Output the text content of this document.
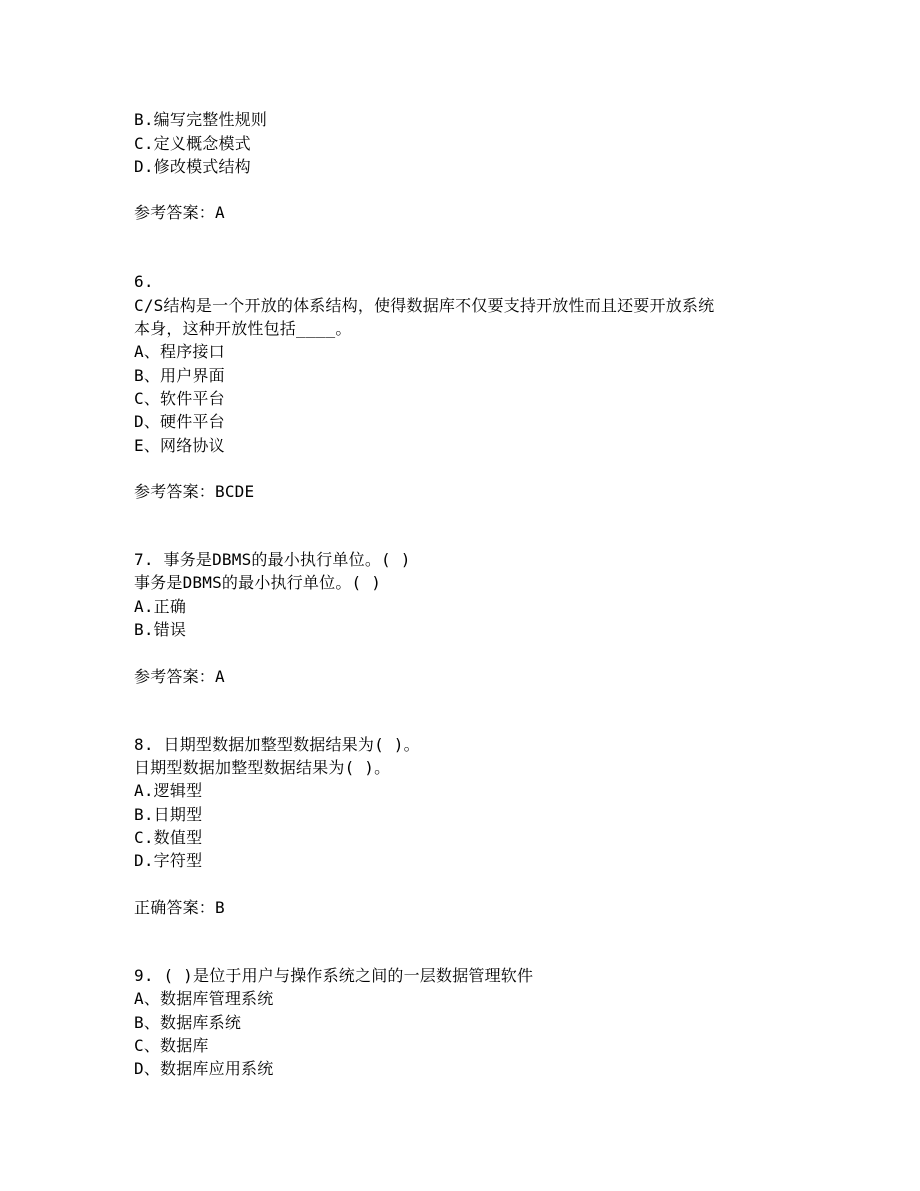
B.编写完整性规则
C.定义概念模式
D.修改模式结构
参考答案：A
6.
C/S结构是一个开放的体系结构，使得数据库不仅要支持开放性而且还要开放系统
本身，这种开放性包括____。
A、程序接口
B、用户界面
C、软件平台
D、硬件平台
E、网络协议
参考答案：BCDE
7. 事务是DBMS的最小执行单位。( )
事务是DBMS的最小执行单位。( )
A.正确
B.错误
参考答案：A
8. 日期型数据加整型数据结果为( )。
日期型数据加整型数据结果为( )。
A.逻辑型
B.日期型
C.数值型
D.字符型
正确答案：B
9. ( )是位于用户与操作系统之间的一层数据管理软件
A、数据库管理系统
B、数据库系统
C、数据库
D、数据库应用系统
